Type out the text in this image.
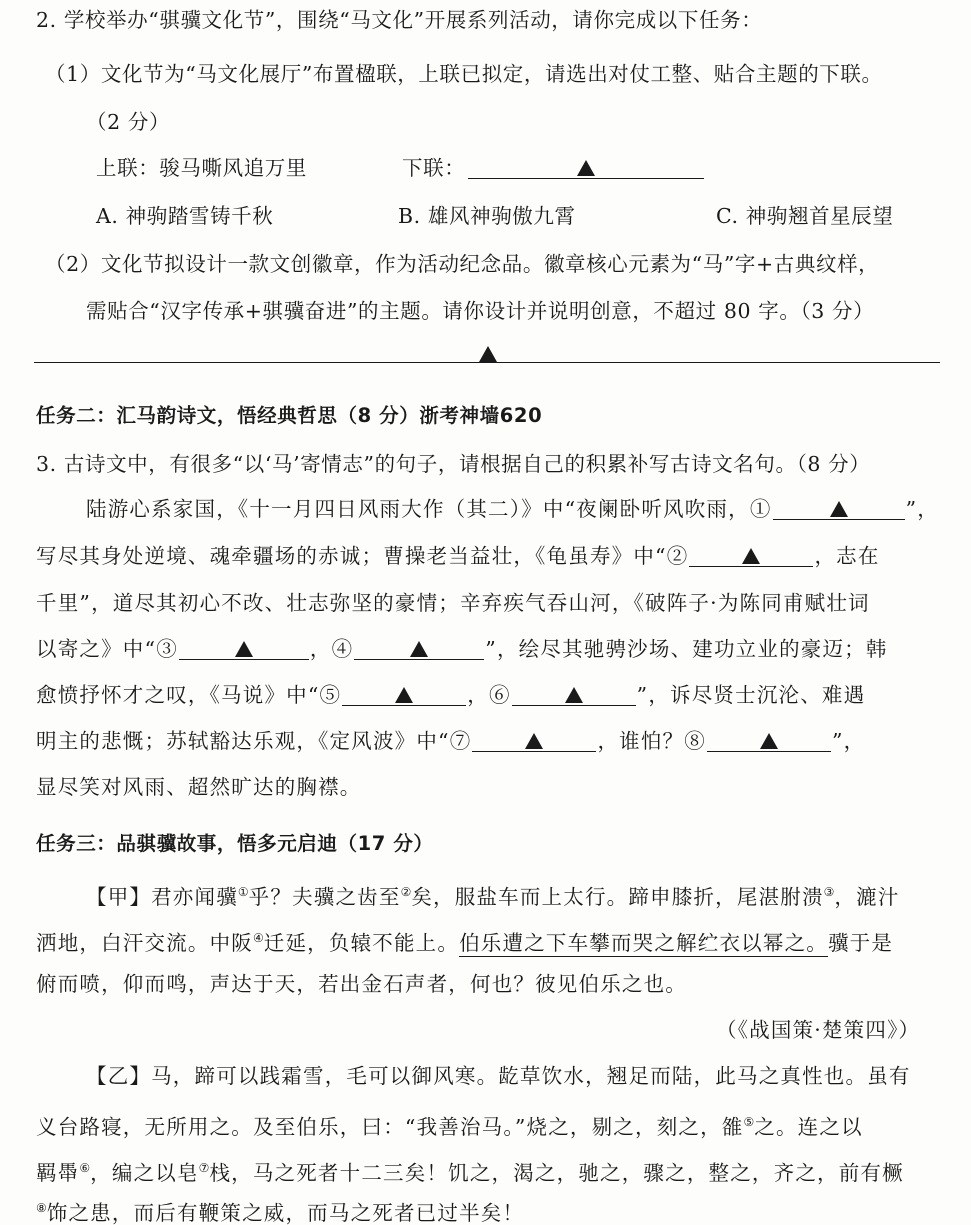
2. 学校举办“骐骥文化节”，围绕“马文化”开展系列活动，请你完成以下任务：
（1）文化节为“马文化展厅”布置楹联，上联已拟定，请选出对仗工整、贴合主题的下联。
（2 分）
上联：骏马嘶风追万里	下联：
A. 神驹踏雪铸千秋	B. 雄风神驹傲九霄	C. 神驹翘首星辰望
（2）文化节拟设计一款文创徽章，作为活动纪念品。徽章核心元素为“马”字+古典纹样，
需贴合“汉字传承+骐骥奋进”的主题。请你设计并说明创意，不超过 80 字。（3 分）
任务二：汇马韵诗文，悟经典哲思（8 分）浙考神墙620
3. 古诗文中，有很多“以‘马’寄情志”的句子，请根据自己的积累补写古诗文名句。（8 分）
陆游心系家国，《十一月四日风雨大作（其二）》中“夜阑卧听风吹雨，①	”，
写尽其身处逆境、魂牵疆场的赤诚；曹操老当益壮，《龟虽寿》中“②	，志在
千里”，道尽其初心不改、壮志弥坚的豪情；辛弃疾气吞山河，《破阵子·为陈同甫赋壮词
以寄之》中“③	，④	”，绘尽其驰骋沙场、建功立业的豪迈；韩
愈愤抒怀才之叹，《马说》中“⑤	，⑥	”，诉尽贤士沉沦、难遇
明主的悲慨；苏轼豁达乐观，《定风波》中“⑦	，谁怕？⑧	”，
显尽笑对风雨、超然旷达的胸襟。
任务三：品骐骥故事，悟多元启迪（17 分）
【甲】君亦闻骥①乎？夫骥之齿至②矣，服盐车而上太行。蹄申膝折，尾湛胕溃③，漉汁
洒地，白汗交流。中阪④迁延，负辕不能上。伯乐遭之下车攀而哭之解纻衣以幂之。骥于是
俯而喷，仰而鸣，声达于天，若出金石声者，何也？彼见伯乐之也。
（《战国策·楚策四》）
【乙】马，蹄可以践霜雪，毛可以御风寒。龁草饮水，翘足而陆，此马之真性也。虽有
义台路寝，无所用之。及至伯乐，曰：“我善治马。”烧之，剔之，刻之，雒⑤之。连之以
羁馽⑥，编之以皂⑦栈，马之死者十二三矣！饥之，渴之，驰之，骤之，整之，齐之，前有橛
⑧饰之患，而后有鞭策之威，而马之死者已过半矣！
